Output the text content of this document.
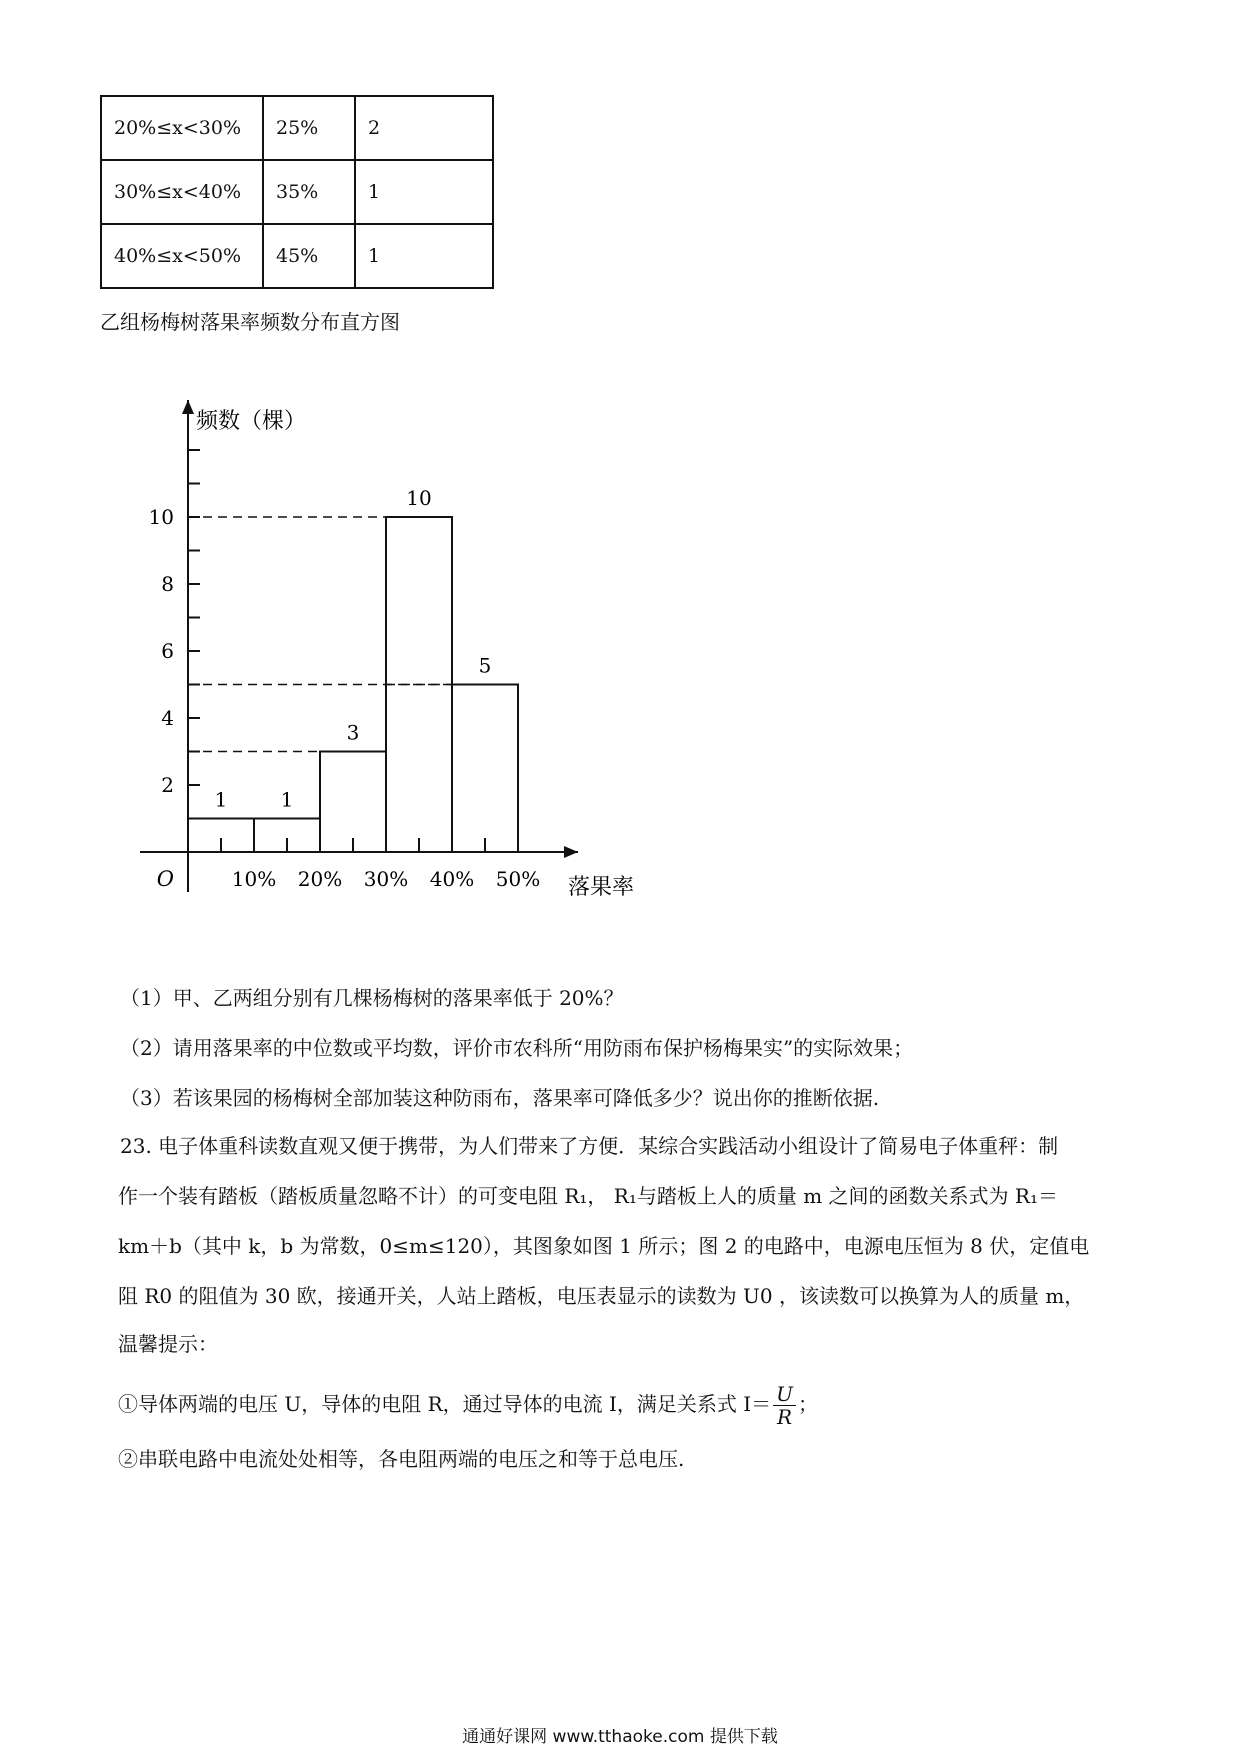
20%≤x<30%	25%	2
30%≤x<40%	35%	1
40%≤x<50%	45%	1
乙组杨梅树落果率频数分布直方图
2
4
6
8
10
1	1
3
10
5
10% 20% 30% 40% 50%
O
频数（棵）
落果率
（1）甲、乙两组分别有几棵杨梅树的落果率低于 20%？
（2）请用落果率的中位数或平均数，评价市农科所“用防雨布保护杨梅果实”的实际效果；
（3）若该果园的杨梅树全部加装这种防雨布，落果率可降低多少？说出你的推断依据.
23. 电子体重科读数直观又便于携带，为人们带来了方便．某综合实践活动小组设计了简易电子体重秤：制
作一个装有踏板（踏板质量忽略不计）的可变电阻 R₁， R₁与踏板上人的质量 m 之间的函数关系式为 R₁＝
km＋b（其中 k，b 为常数，0≤m≤120），其图象如图 1 所示；图 2 的电路中，电源电压恒为 8 伏，定值电
阻 R0 的阻值为 30 欧，接通开关，人站上踏板，电压表显示的读数为 U0 ，该读数可以换算为人的质量 m，
温馨提示：
①导体两端的电压 U，导体的电阻 R，通过导体的电流 I，满足关系式 $I= \frac{U}{R}$ ；
②串联电路中电流处处相等，各电阻两端的电压之和等于总电压.
通通好课网 www.tthaoke.com 提供下载
